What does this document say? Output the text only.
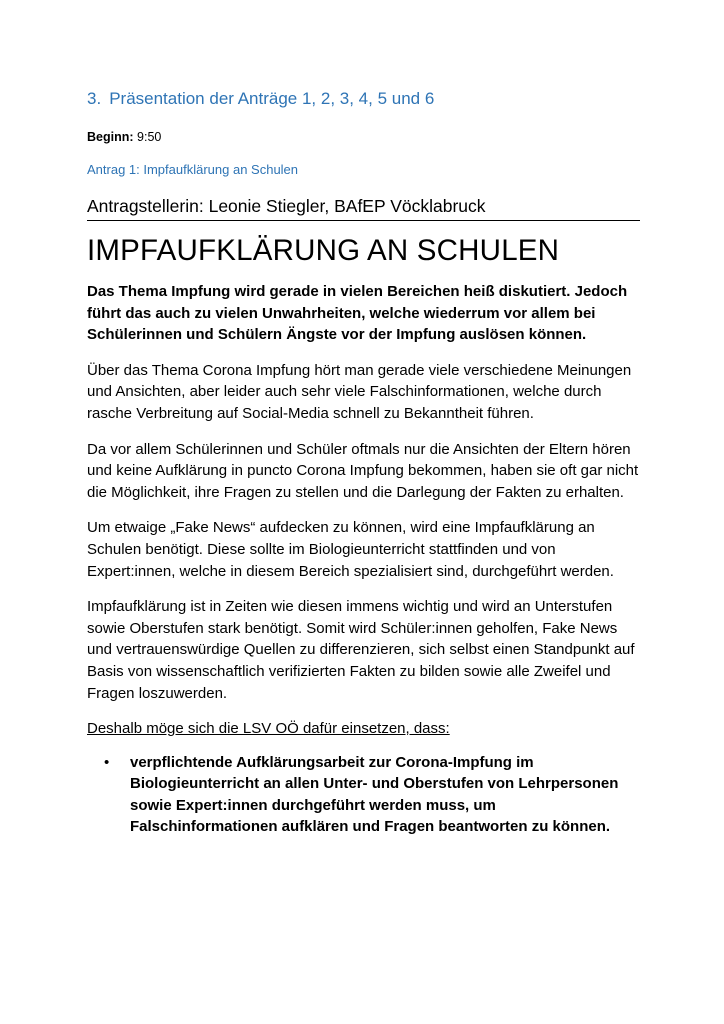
3. Präsentation der Anträge 1, 2, 3, 4, 5 und 6
Beginn: 9:50
Antrag 1: Impfaufklärung an Schulen
Antragstellerin: Leonie Stiegler, BAfEP Vöcklabruck
IMPFAUFKLÄRUNG AN SCHULEN
Das Thema Impfung wird gerade in vielen Bereichen heiß diskutiert. Jedoch führt das auch zu vielen Unwahrheiten, welche wiederrum vor allem bei Schülerinnen und Schülern Ängste vor der Impfung auslösen können.
Über das Thema Corona Impfung hört man gerade viele verschiedene Meinungen und Ansichten, aber leider auch sehr viele Falschinformationen, welche durch rasche Verbreitung auf Social-Media schnell zu Bekanntheit führen.
Da vor allem Schülerinnen und Schüler oftmals nur die Ansichten der Eltern hören und keine Aufklärung in puncto Corona Impfung bekommen, haben sie oft gar nicht die Möglichkeit, ihre Fragen zu stellen und die Darlegung der Fakten zu erhalten.
Um etwaige „Fake News“ aufdecken zu können, wird eine Impfaufklärung an Schulen benötigt. Diese sollte im Biologieunterricht stattfinden und von Expert:innen, welche in diesem Bereich spezialisiert sind, durchgeführt werden.
Impfaufklärung ist in Zeiten wie diesen immens wichtig und wird an Unterstufen sowie Oberstufen stark benötigt. Somit wird Schüler:innen geholfen, Fake News und vertrauenswürdige Quellen zu differenzieren, sich selbst einen Standpunkt auf Basis von wissenschaftlich verifizierten Fakten zu bilden sowie alle Zweifel und Fragen loszuwerden.
Deshalb möge sich die LSV OÖ dafür einsetzen, dass:
• verpflichtende Aufklärungsarbeit zur Corona-Impfung im Biologieunterricht an allen Unter- und Oberstufen von Lehrpersonen sowie Expert:innen durchgeführt werden muss, um Falschinformationen aufklären und Fragen beantworten zu können.
